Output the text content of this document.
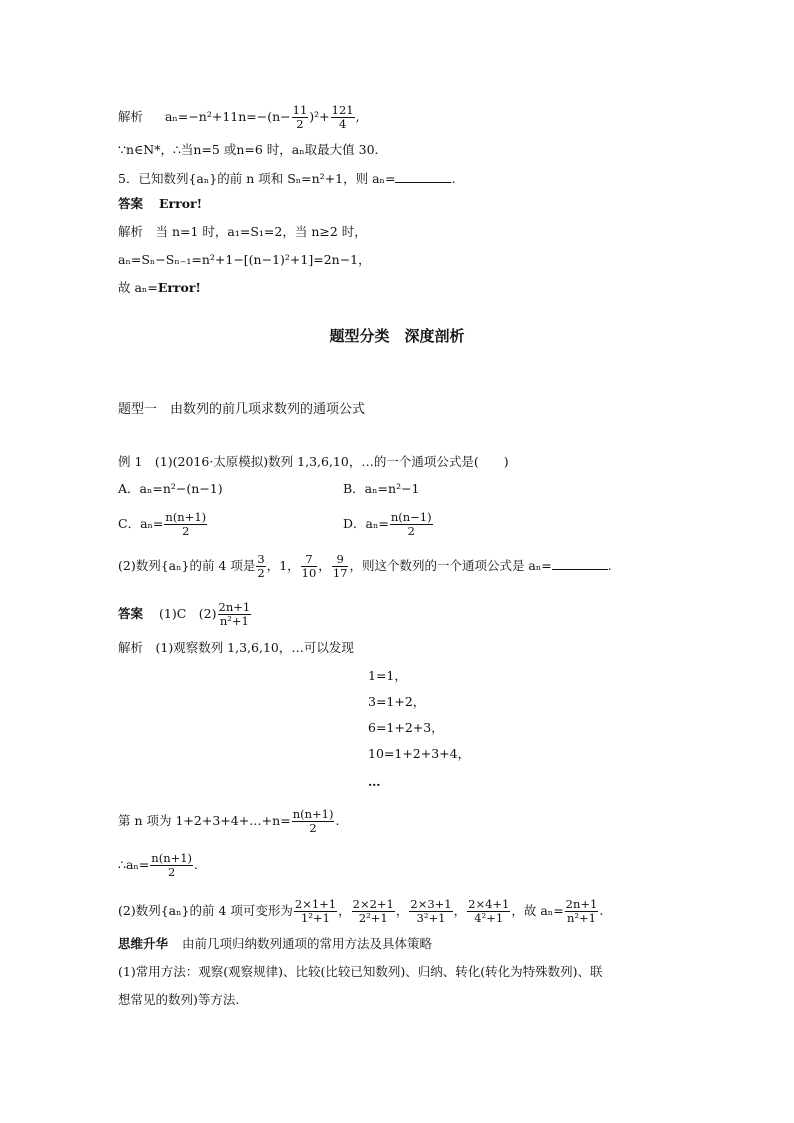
解析 $a_n=-n^2+11n=-(n- \frac{11}{2} )^2+ \frac{121}{4}$ ,
∵n∈N*，∴当n=5 或n=6 时，aₙ取最大值 30.
5．已知数列{aₙ}的前 n 项和 Sₙ=n²+1，则 aₙ=	.
答案 Error!
解析　当 n=1 时，a₁=S₁=2，当 n≥2 时，
aₙ=Sₙ−Sₙ₋₁=n²+1−[(n−1)²+1]=2n−1，
故 aₙ=Error!
题型分类　深度剖析
题型一　由数列的前几项求数列的通项公式
例 1　(1)(2016·太原模拟)数列 1,3,6,10，…的一个通项公式是(　　)
A．aₙ=n²−(n−1)	B．aₙ=n²−1
C．$a_n= \frac{n(n+1)}{2}$	D．$a_n= \frac{n(n-1)}{2}$
(2)数列{aₙ}的前 4 项是 $\frac{3}{2}$ ，1， $\frac{7}{10}$ ， $\frac{9}{17}$ ，则这个数列的一个通项公式是 aₙ=	.
答案 (1)C　$(2) \frac{2n+1}{\text{n²+1}}$
解析　(1)观察数列 1,3,6,10，…可以发现
1=1，
3=1+2，
6=1+2+3，
10=1+2+3+4，
…
第 n 项为 1+2+3+4+…+n= $\frac{n(n+1)}{2}$ .
∴aₙ= $\frac{n(n+1)}{2}$ .
(2)数列{aₙ}的前 4 项可变形为 $\frac{2\times 1+1}{\text{1²+1}}$ ， $\frac{2\times 2+1}{\text{2²+1}}$ ， $\frac{2\times 3+1}{\text{3²+1}}$ ， $\frac{2\times 4+1}{\text{4²+1}}$ ，故 $a_n= \frac{2n+1}{\text{n²+1}}$ .
思维升华 由前几项归纳数列通项的常用方法及具体策略
(1)常用方法：观察(观察规律)、比较(比较已知数列)、归纳、转化(转化为特殊数列)、联
想常见的数列)等方法.
